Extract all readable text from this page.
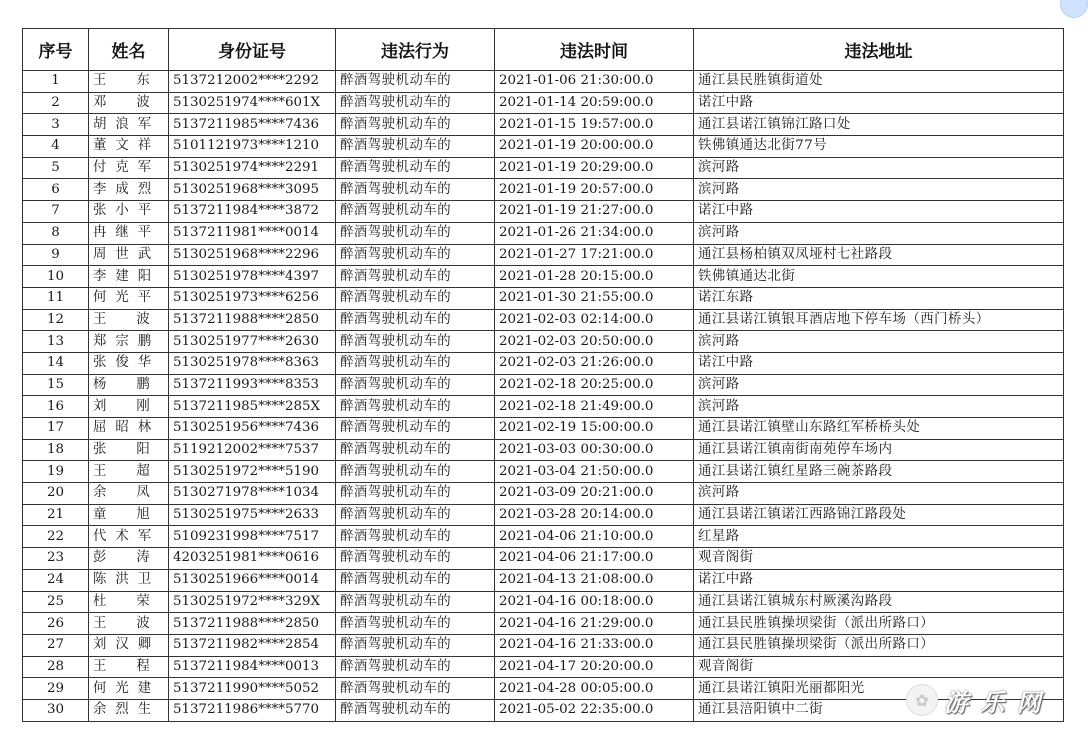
序号	姓名	身份证号	违法行为	违法时间	违法地址
1	王东	5137212002****2292	醉酒驾驶机动车的	2021-01-06 21:30:00.0	通江县民胜镇街道处
2	邓波	5130251974****601X	醉酒驾驶机动车的	2021-01-14 20:59:00.0	诺江中路
3	胡浪军	5137211985****7436	醉酒驾驶机动车的	2021-01-15 19:57:00.0	通江县诺江镇锦江路口处
4	董文祥	5101121973****1210	醉酒驾驶机动车的	2021-01-19 20:00:00.0	铁佛镇通达北街77号
5	付克军	5130251974****2291	醉酒驾驶机动车的	2021-01-19 20:29:00.0	滨河路
6	李成烈	5130251968****3095	醉酒驾驶机动车的	2021-01-19 20:57:00.0	滨河路
7	张小平	5137211984****3872	醉酒驾驶机动车的	2021-01-19 21:27:00.0	诺江中路
8	冉继平	5137211981****0014	醉酒驾驶机动车的	2021-01-26 21:34:00.0	滨河路
9	周世武	5130251968****2296	醉酒驾驶机动车的	2021-01-27 17:21:00.0	通江县杨柏镇双凤垭村七社路段
10	李建阳	5130251978****4397	醉酒驾驶机动车的	2021-01-28 20:15:00.0	铁佛镇通达北街
11	何光平	5130251973****6256	醉酒驾驶机动车的	2021-01-30 21:55:00.0	诺江东路
12	王波	5137211988****2850	醉酒驾驶机动车的	2021-02-03 02:14:00.0	通江县诺江镇银耳酒店地下停车场（西门桥头）
13	郑宗鹏	5130251977****2630	醉酒驾驶机动车的	2021-02-03 20:50:00.0	滨河路
14	张俊华	5130251978****8363	醉酒驾驶机动车的	2021-02-03 21:26:00.0	诺江中路
15	杨鹏	5137211993****8353	醉酒驾驶机动车的	2021-02-18 20:25:00.0	滨河路
16	刘刚	5137211985****285X	醉酒驾驶机动车的	2021-02-18 21:49:00.0	滨河路
17	屈昭林	5130251956****7436	醉酒驾驶机动车的	2021-02-19 15:00:00.0	通江县诺江镇壁山东路红军桥桥头处
18	张阳	5119212002****7537	醉酒驾驶机动车的	2021-03-03 00:30:00.0	通江县诺江镇南街南苑停车场内
19	王超	5130251972****5190	醉酒驾驶机动车的	2021-03-04 21:50:00.0	通江县诺江镇红星路三碗茶路段
20	余凤	5130271978****1034	醉酒驾驶机动车的	2021-03-09 20:21:00.0	滨河路
21	童旭	5130251975****2633	醉酒驾驶机动车的	2021-03-28 20:14:00.0	通江县诺江镇诺江西路锦江路段处
22	代术军	5109231998****7517	醉酒驾驶机动车的	2021-04-06 21:10:00.0	红星路
23	彭涛	4203251981****0616	醉酒驾驶机动车的	2021-04-06 21:17:00.0	观音阁街
24	陈洪卫	5130251966****0014	醉酒驾驶机动车的	2021-04-13 21:08:00.0	诺江中路
25	杜荣	5130251972****329X	醉酒驾驶机动车的	2021-04-16 00:18:00.0	通江县诺江镇城东村厥溪沟路段
26	王波	5137211988****2850	醉酒驾驶机动车的	2021-04-16 21:29:00.0	通江县民胜镇操坝梁街（派出所路口）
27	刘汉卿	5137211982****2854	醉酒驾驶机动车的	2021-04-16 21:33:00.0	通江县民胜镇操坝梁街（派出所路口）
28	王程	5137211984****0013	醉酒驾驶机动车的	2021-04-17 20:20:00.0	观音阁街
29	何光建	5137211990****5052	醉酒驾驶机动车的	2021-04-28 00:05:00.0	通江县诺江镇阳光丽都阳光
30	余烈生	5137211986****5770	醉酒驾驶机动车的	2021-05-02 22:35:00.0	通江县涪阳镇中二街
✿ 游 乐 网
